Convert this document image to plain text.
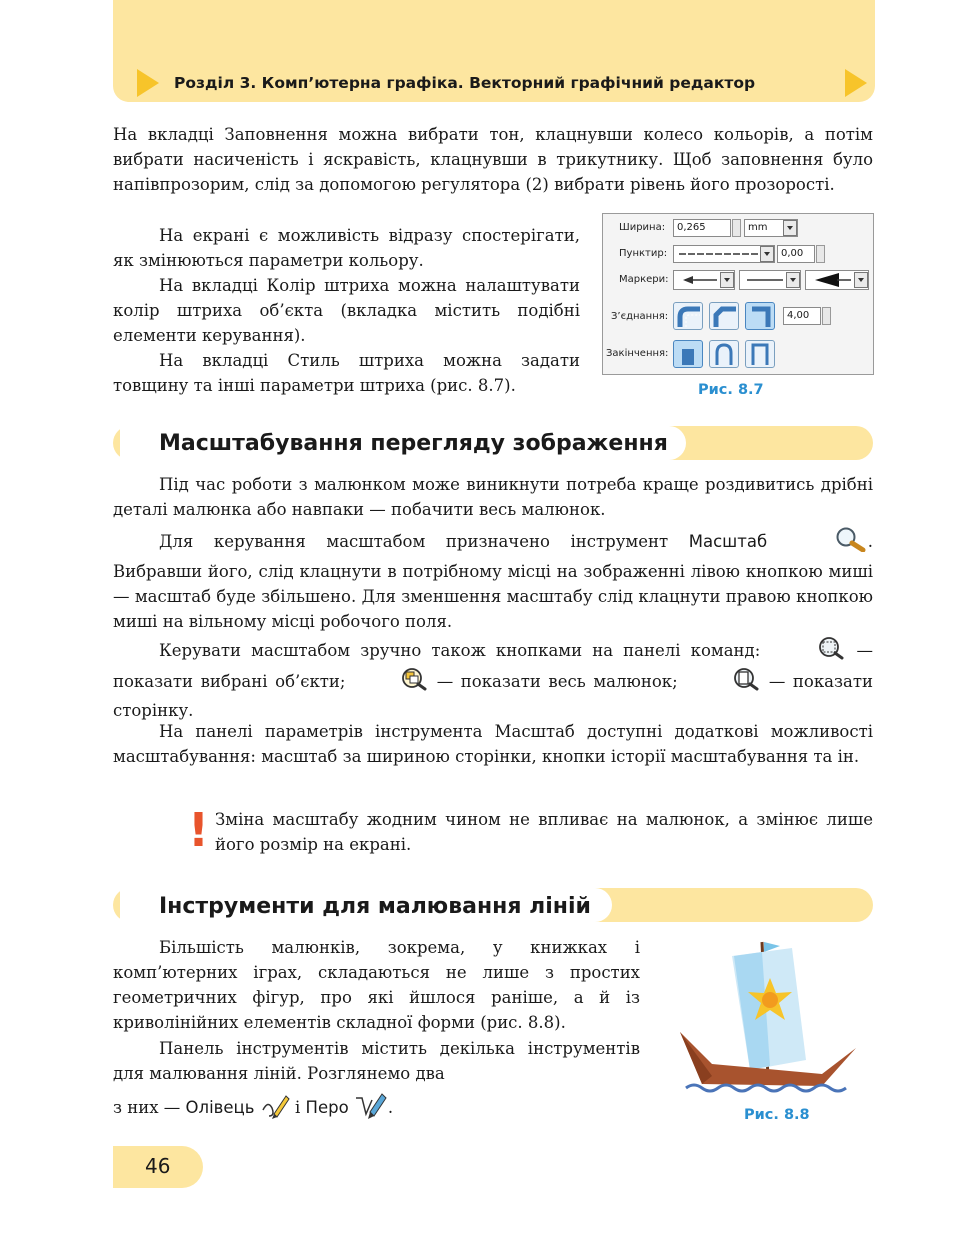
Розділ 3. Комп’ютерна графіка. Векторний графічний редактор
На вкладці Заповнення можна вибрати тон, клацнувши колесо кольорів, а потім вибрати насиченість і яскравість, клацнувши в трикутнику. Щоб заповнення було напівпрозорим, слід за допомогою регулятора (2) вибрати рівень його прозорості.
На екрані є можливість відразу спостерігати, як змінюються параметри кольору.
На вкладці Колір штриха можна налаштувати колір штриха об’єкта (вкладка містить подібні елементи керування).
На вкладці Стиль штриха можна задати товщину та інші параметри штриха (рис. 8.7).
Ширина:	0,265	mm
Пунктир:	0,00
Маркери:
З’єднання:	4,00
Закінчення:
Рис. 8.7
Масштабування перегляду зображення
Під час роботи з малюнком може виникнути потреба краще роздивитись дрібні деталі малюнка або навпаки — побачити весь малюнок.
Для керування масштабом призначено інструмент Масштаб	. Вибравши його, слід клацнути в потрібному місці на зображенні лівою кнопкою миші — масштаб буде збільшено. Для зменшення масштабу слід клацнути правою кнопкою миші на вільному місці робочого поля.
Керувати масштабом зручно також кнопками на панелі команд:	— показати вибрані об’єкти;	— показати весь малюнок;	— показати сторінку.
На панелі параметрів інструмента Масштаб доступні додаткові можливості масштабування: масштаб за шириною сторінки, кнопки історії масштабування та ін.
! Зміна масштабу жодним чином не впливає на малюнок, а змінює лише його розмір на екрані.
Інструменти для малювання ліній
Більшість малюнків, зокрема, у книжках і комп’ютерних іграх, складаються не лише з простих геометричних фігур, про які йшлося раніше, а й із криволінійних елементів складної форми (рис. 8.8).
Панель інструментів містить декілька інструментів для малювання ліній. Розглянемо два
з них — Олівець  і Перо .	Рис. 8.8
46
